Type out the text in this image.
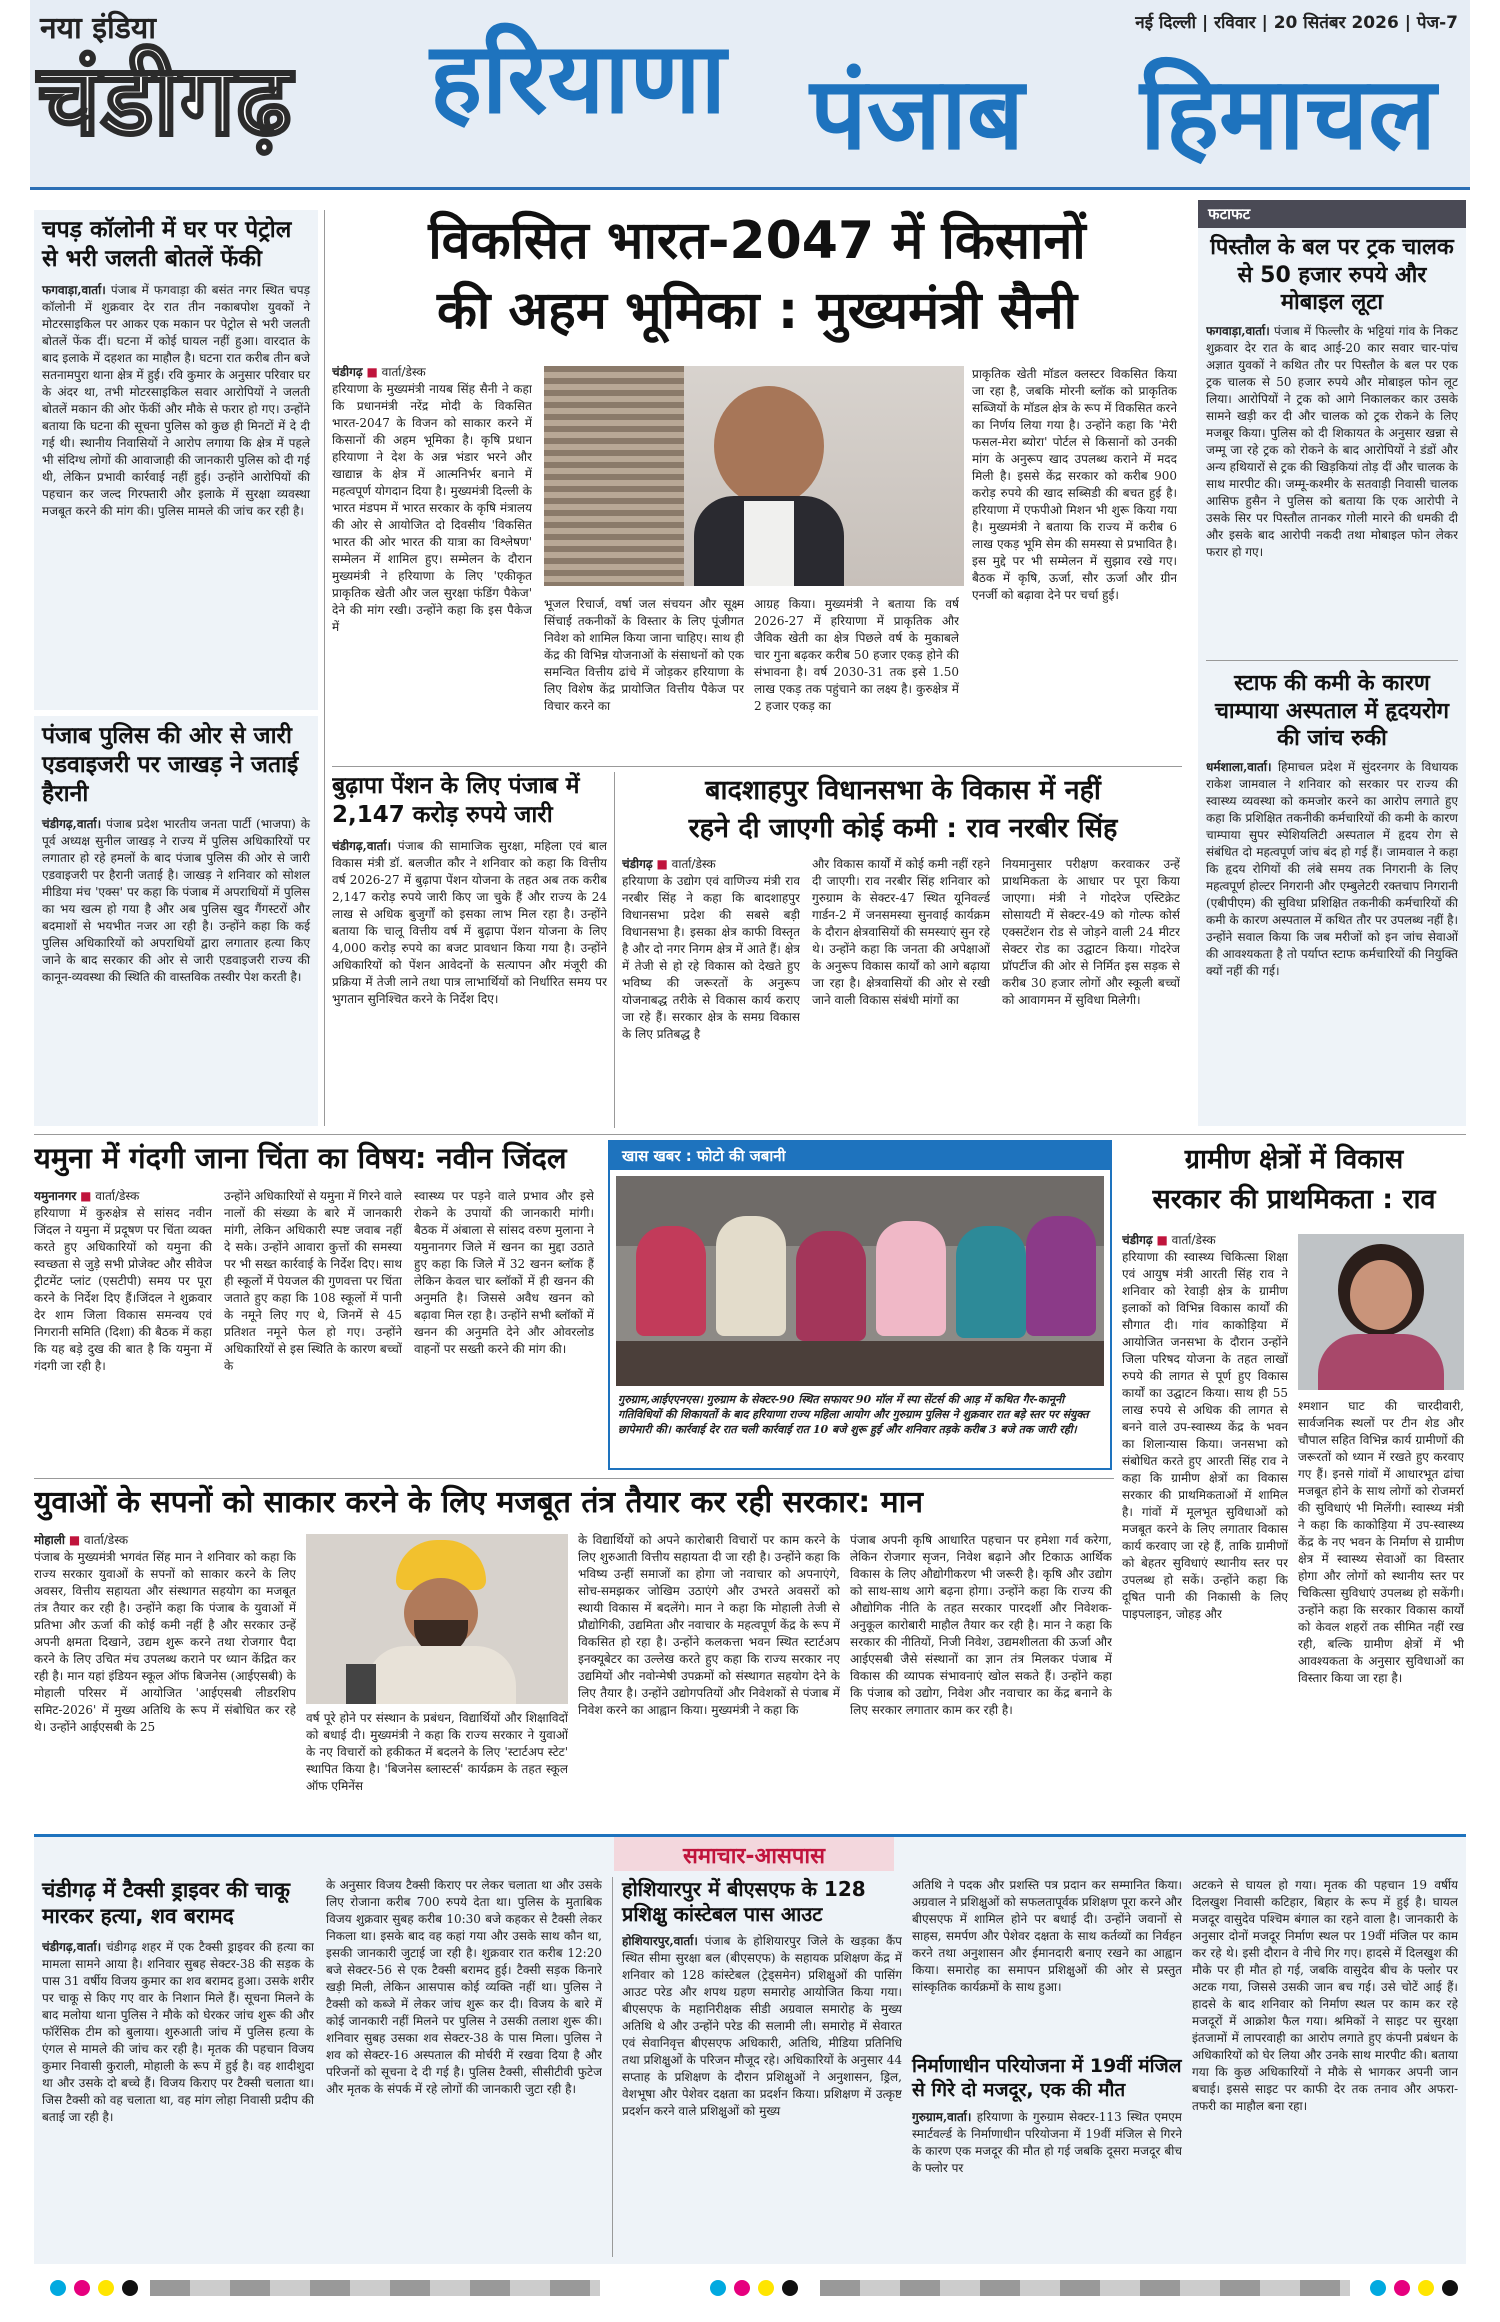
नया इंडिया	नई दिल्ली | रविवार | 20 सितंबर 2026 | पेज-7
चंडीगढ़ हरियाणा पंजाब हिमाचल
चपड़ कॉलोनी में घर पर पेट्रोल से भरी जलती बोतलें फेंकी
फगवाड़ा,वार्ता। पंजाब में फगवाड़ा की बसंत नगर स्थित चपड़ कॉलोनी में शुक्रवार देर रात तीन नकाबपोश युवकों ने मोटरसाइकिल पर आकर एक मकान पर पेट्रोल से भरी जलती बोतलें फेंक दीं। घटना में कोई घायल नहीं हुआ। वारदात के बाद इलाके में दहशत का माहौल है। घटना रात करीब तीन बजे सतनामपुरा थाना क्षेत्र में हुई। रवि कुमार के अनुसार परिवार घर के अंदर था, तभी मोटरसाइकिल सवार आरोपियों ने जलती बोतलें मकान की ओर फेंकीं और मौके से फरार हो गए। उन्होंने बताया कि घटना की सूचना पुलिस को कुछ ही मिनटों में दे दी गई थी। स्थानीय निवासियों ने आरोप लगाया कि क्षेत्र में पहले भी संदिग्ध लोगों की आवाजाही की जानकारी पुलिस को दी गई थी, लेकिन प्रभावी कार्रवाई नहीं हुई। उन्होंने आरोपियों की पहचान कर जल्द गिरफ्तारी और इलाके में सुरक्षा व्यवस्था मजबूत करने की मांग की। पुलिस मामले की जांच कर रही है।
पंजाब पुलिस की ओर से जारी एडवाइजरी पर जाखड़ ने जताई हैरानी
चंडीगढ़,वार्ता। पंजाब प्रदेश भारतीय जनता पार्टी (भाजपा) के पूर्व अध्यक्ष सुनील जाखड़ ने राज्य में पुलिस अधिकारियों पर लगातार हो रहे हमलों के बाद पंजाब पुलिस की ओर से जारी एडवाइजरी पर हैरानी जताई है। जाखड़ ने शनिवार को सोशल मीडिया मंच 'एक्स' पर कहा कि पंजाब में अपराधियों में पुलिस का भय खत्म हो गया है और अब पुलिस खुद गैंगस्टरों और बदमाशों से भयभीत नजर आ रही है। उन्होंने कहा कि कई पुलिस अधिकारियों को अपराधियों द्वारा लगातार हत्या किए जाने के बाद सरकार की ओर से जारी एडवाइजरी राज्य की कानून-व्यवस्था की स्थिति की वास्तविक तस्वीर पेश करती है।
विकसित भारत-2047 में किसानों
की अहम भूमिका : मुख्यमंत्री सैनी
चंडीगढ़ ■ वार्ता/डेस्क
हरियाणा के मुख्यमंत्री नायब सिंह सैनी ने कहा कि प्रधानमंत्री नरेंद्र मोदी के विकसित भारत-2047 के विजन को साकार करने में किसानों की अहम भूमिका है। कृषि प्रधान हरियाणा ने देश के अन्न भंडार भरने और खाद्यान्न के क्षेत्र में आत्मनिर्भर बनाने में महत्वपूर्ण योगदान दिया है। मुख्यमंत्री दिल्ली के भारत मंडपम में भारत सरकार के कृषि मंत्रालय की ओर से आयोजित दो दिवसीय 'विकसित भारत की ओर भारत की यात्रा का विश्लेषण' सम्मेलन में शामिल हुए। सम्मेलन के दौरान मुख्यमंत्री ने हरियाणा के लिए 'एकीकृत प्राकृतिक खेती और जल सुरक्षा फंडिंग पैकेज' देने की मांग रखी। उन्होंने कहा कि इस पैकेज में
भूजल रिचार्ज, वर्षा जल संचयन और सूक्ष्म सिंचाई तकनीकों के विस्तार के लिए पूंजीगत निवेश को शामिल किया जाना चाहिए। साथ ही केंद्र की विभिन्न योजनाओं के संसाधनों को एक समन्वित वित्तीय ढांचे में जोड़कर हरियाणा के लिए विशेष केंद्र प्रायोजित वित्तीय पैकेज पर विचार करने का
आग्रह किया। मुख्यमंत्री ने बताया कि वर्ष 2026-27 में हरियाणा में प्राकृतिक और जैविक खेती का क्षेत्र पिछले वर्ष के मुकाबले चार गुना बढ़कर करीब 50 हजार एकड़ होने की संभावना है। वर्ष 2030-31 तक इसे 1.50 लाख एकड़ तक पहुंचाने का लक्ष्य है। कुरुक्षेत्र में 2 हजार एकड़ का
प्राकृतिक खेती मॉडल क्लस्टर विकसित किया जा रहा है, जबकि मोरनी ब्लॉक को प्राकृतिक सब्जियों के मॉडल क्षेत्र के रूप में विकसित करने का निर्णय लिया गया है। उन्होंने कहा कि 'मेरी फसल-मेरा ब्योरा' पोर्टल से किसानों को उनकी मांग के अनुरूप खाद उपलब्ध कराने में मदद मिली है। इससे केंद्र सरकार को करीब 900 करोड़ रुपये की खाद सब्सिडी की बचत हुई है। हरियाणा में एफपीओ मिशन भी शुरू किया गया है। मुख्यमंत्री ने बताया कि राज्य में करीब 6 लाख एकड़ भूमि सेम की समस्या से प्रभावित है। इस मुद्दे पर भी सम्मेलन में सुझाव रखे गए। बैठक में कृषि, ऊर्जा, सौर ऊर्जा और ग्रीन एनर्जी को बढ़ावा देने पर चर्चा हुई।
फटाफट
पिस्तौल के बल पर ट्रक चालक से 50 हजार रुपये और मोबाइल लूटा
फगवाड़ा,वार्ता। पंजाब में फिल्लौर के भट्टियां गांव के निकट शुक्रवार देर रात के बाद आई-20 कार सवार चार-पांच अज्ञात युवकों ने कथित तौर पर पिस्तौल के बल पर एक ट्रक चालक से 50 हजार रुपये और मोबाइल फोन लूट लिया। आरोपियों ने ट्रक को आगे निकालकर कार उसके सामने खड़ी कर दी और चालक को ट्रक रोकने के लिए मजबूर किया। पुलिस को दी शिकायत के अनुसार खन्ना से जम्मू जा रहे ट्रक को रोकने के बाद आरोपियों ने डंडों और अन्य हथियारों से ट्रक की खिड़कियां तोड़ दीं और चालक के साथ मारपीट की। जम्मू-कश्मीर के सतवाड़ी निवासी चालक आसिफ हुसैन ने पुलिस को बताया कि एक आरोपी ने उसके सिर पर पिस्तौल तानकर गोली मारने की धमकी दी और इसके बाद आरोपी नकदी तथा मोबाइल फोन लेकर फरार हो गए।
स्टाफ की कमी के कारण चाम्पाया अस्पताल में हृदयरोग की जांच रुकी
धर्मशाला,वार्ता। हिमाचल प्रदेश में सुंदरनगर के विधायक राकेश जामवाल ने शनिवार को सरकार पर राज्य की स्वास्थ्य व्यवस्था को कमजोर करने का आरोप लगाते हुए कहा कि प्रशिक्षित तकनीकी कर्मचारियों की कमी के कारण चाम्पाया सुपर स्पेशियलिटी अस्पताल में हृदय रोग से संबंधित दो महत्वपूर्ण जांच बंद हो गई हैं। जामवाल ने कहा कि हृदय रोगियों की लंबे समय तक निगरानी के लिए महत्वपूर्ण होल्टर निगरानी और एम्बुलेटरी रक्तचाप निगरानी (एबीपीएम) की सुविधा प्रशिक्षित तकनीकी कर्मचारियों की कमी के कारण अस्पताल में कथित तौर पर उपलब्ध नहीं है। उन्होंने सवाल किया कि जब मरीजों को इन जांच सेवाओं की आवश्यकता है तो पर्याप्त स्टाफ कर्मचारियों की नियुक्ति क्यों नहीं की गई।
बुढ़ापा पेंशन के लिए पंजाब में 2,147 करोड़ रुपये जारी
चंडीगढ़,वार्ता। पंजाब की सामाजिक सुरक्षा, महिला एवं बाल विकास मंत्री डॉ. बलजीत कौर ने शनिवार को कहा कि वित्तीय वर्ष 2026-27 में बुढ़ापा पेंशन योजना के तहत अब तक करीब 2,147 करोड़ रुपये जारी किए जा चुके हैं और राज्य के 24 लाख से अधिक बुजुर्गों को इसका लाभ मिल रहा है। उन्होंने बताया कि चालू वित्तीय वर्ष में बुढ़ापा पेंशन योजना के लिए 4,000 करोड़ रुपये का बजट प्रावधान किया गया है। उन्होंने अधिकारियों को पेंशन आवेदनों के सत्यापन और मंजूरी की प्रक्रिया में तेजी लाने तथा पात्र लाभार्थियों को निर्धारित समय पर भुगतान सुनिश्चित करने के निर्देश दिए।
बादशाहपुर विधानसभा के विकास में नहीं
रहने दी जाएगी कोई कमी : राव नरबीर सिंह
चंडीगढ़ ■ वार्ता/डेस्क
हरियाणा के उद्योग एवं वाणिज्य मंत्री राव नरबीर सिंह ने कहा कि बादशाहपुर विधानसभा प्रदेश की सबसे बड़ी विधानसभा है। इसका क्षेत्र काफी विस्तृत है और दो नगर निगम क्षेत्र में आते हैं। क्षेत्र में तेजी से हो रहे विकास को देखते हुए भविष्य की जरूरतों के अनुरूप योजनाबद्ध तरीके से विकास कार्य कराए जा रहे हैं। सरकार क्षेत्र के समग्र विकास के लिए प्रतिबद्ध है
और विकास कार्यों में कोई कमी नहीं रहने दी जाएगी। राव नरबीर सिंह शनिवार को गुरुग्राम के सेक्टर-47 स्थित यूनिवर्ल्ड गार्डन-2 में जनसमस्या सुनवाई कार्यक्रम के दौरान क्षेत्रवासियों की समस्याएं सुन रहे थे। उन्होंने कहा कि जनता की अपेक्षाओं के अनुरूप विकास कार्यों को आगे बढ़ाया जा रहा है। क्षेत्रवासियों की ओर से रखी जाने वाली विकास संबंधी मांगों का
नियमानुसार परीक्षण करवाकर उन्हें प्राथमिकता के आधार पर पूरा किया जाएगा। मंत्री ने गोदरेज एस्टिक्रेट सोसायटी में सेक्टर-49 को गोल्फ कोर्स एक्सटेंशन रोड से जोड़ने वाली 24 मीटर सेक्टर रोड का उद्घाटन किया। गोदरेज प्रॉपर्टीज की ओर से निर्मित इस सड़क से करीब 30 हजार लोगों और स्कूली बच्चों को आवागमन में सुविधा मिलेगी।
यमुना में गंदगी जाना चिंता का विषय: नवीन जिंदल
यमुनानगर ■ वार्ता/डेस्क
हरियाणा में कुरुक्षेत्र से सांसद नवीन जिंदल ने यमुना में प्रदूषण पर चिंता व्यक्त करते हुए अधिकारियों को यमुना की स्वच्छता से जुड़े सभी प्रोजेक्ट और सीवेज ट्रीटमेंट प्लांट (एसटीपी) समय पर पूरा करने के निर्देश दिए हैं।जिंदल ने शुक्रवार देर शाम जिला विकास समन्वय एवं निगरानी समिति (दिशा) की बैठक में कहा कि यह बड़े दुख की बात है कि यमुना में गंदगी जा रही है।
उन्होंने अधिकारियों से यमुना में गिरने वाले नालों की संख्या के बारे में जानकारी मांगी, लेकिन अधिकारी स्पष्ट जवाब नहीं दे सके। उन्होंने आवारा कुत्तों की समस्या पर भी सख्त कार्रवाई के निर्देश दिए। साथ ही स्कूलों में पेयजल की गुणवत्ता पर चिंता जताते हुए कहा कि 108 स्कूलों में पानी के नमूने लिए गए थे, जिनमें से 45 प्रतिशत नमूने फेल हो गए। उन्होंने अधिकारियों से इस स्थिति के कारण बच्चों के
स्वास्थ्य पर पड़ने वाले प्रभाव और इसे रोकने के उपायों की जानकारी मांगी। बैठक में अंबाला से सांसद वरुण मुलाना ने यमुनानगर जिले में खनन का मुद्दा उठाते हुए कहा कि जिले में 32 खनन ब्लॉक हैं लेकिन केवल चार ब्लॉकों में ही खनन की अनुमति है। जिससे अवैध खनन को बढ़ावा मिल रहा है। उन्होंने सभी ब्लॉकों में खनन की अनुमति देने और ओवरलोड वाहनों पर सख्ती करने की मांग की।
खास खबर : फोटो की जबानी
गुरुग्राम,आईएएनएस। गुरुग्राम के सेक्टर-90 स्थित सफायर 90 मॉल में स्पा सेंटर्स की आड़ में कथित गैर-कानूनी गतिविधियों की शिकायतों के बाद हरियाणा राज्य महिला आयोग और गुरुग्राम पुलिस ने शुक्रवार रात बड़े स्तर पर संयुक्त छापेमारी की। कार्रवाई देर रात चली कार्रवाई रात 10 बजे शुरू हुई और शनिवार तड़के करीब 3 बजे तक जारी रही।
ग्रामीण क्षेत्रों में विकास
सरकार की प्राथमिकता : राव
चंडीगढ़ ■ वार्ता/डेस्क
हरियाणा की स्वास्थ्य चिकित्सा शिक्षा एवं आयुष मंत्री आरती सिंह राव ने शनिवार को रेवाड़ी क्षेत्र के ग्रामीण इलाकों को विभिन्न विकास कार्यों की सौगात दी। गांव काकोड़िया में आयोजित जनसभा के दौरान उन्होंने जिला परिषद योजना के तहत लाखों रुपये की लागत से पूर्ण हुए विकास कार्यों का उद्घाटन किया। साथ ही 55 लाख रुपये से अधिक की लागत से बनने वाले उप-स्वास्थ्य केंद्र के भवन का शिलान्यास किया। जनसभा को संबोधित करते हुए आरती सिंह राव ने कहा कि ग्रामीण क्षेत्रों का विकास सरकार की प्राथमिकताओं में शामिल है। गांवों में मूलभूत सुविधाओं को मजबूत करने के लिए लगातार विकास कार्य करवाए जा रहे हैं, ताकि ग्रामीणों को बेहतर सुविधाएं स्थानीय स्तर पर उपलब्ध हो सकें। उन्होंने कहा कि दूषित पानी की निकासी के लिए पाइपलाइन, जोहड़ और
श्मशान घाट की चारदीवारी, सार्वजनिक स्थलों पर टीन शेड और चौपाल सहित विभिन्न कार्य ग्रामीणों की जरूरतों को ध्यान में रखते हुए करवाए गए हैं। इनसे गांवों में आधारभूत ढांचा मजबूत होने के साथ लोगों को रोजमर्रा की सुविधाएं भी मिलेंगी। स्वास्थ्य मंत्री ने कहा कि काकोड़िया में उप-स्वास्थ्य केंद्र के नए भवन के निर्माण से ग्रामीण क्षेत्र में स्वास्थ्य सेवाओं का विस्तार होगा और लोगों को स्थानीय स्तर पर चिकित्सा सुविधाएं उपलब्ध हो सकेंगी। उन्होंने कहा कि सरकार विकास कार्यों को केवल शहरों तक सीमित नहीं रख रही, बल्कि ग्रामीण क्षेत्रों में भी आवश्यकता के अनुसार सुविधाओं का विस्तार किया जा रहा है।
युवाओं के सपनों को साकार करने के लिए मजबूत तंत्र तैयार कर रही सरकार: मान
मोहाली ■ वार्ता/डेस्क
पंजाब के मुख्यमंत्री भगवंत सिंह मान ने शनिवार को कहा कि राज्य सरकार युवाओं के सपनों को साकार करने के लिए अवसर, वित्तीय सहायता और संस्थागत सहयोग का मजबूत तंत्र तैयार कर रही है। उन्होंने कहा कि पंजाब के युवाओं में प्रतिभा और ऊर्जा की कोई कमी नहीं है और सरकार उन्हें अपनी क्षमता दिखाने, उद्यम शुरू करने तथा रोजगार पैदा करने के लिए उचित मंच उपलब्ध कराने पर ध्यान केंद्रित कर रही है। मान यहां इंडियन स्कूल ऑफ बिजनेस (आईएसबी) के मोहाली परिसर में आयोजित 'आईएसबी लीडरशिप समिट-2026' में मुख्य अतिथि के रूप में संबोधित कर रहे थे। उन्होंने आईएसबी के 25
वर्ष पूरे होने पर संस्थान के प्रबंधन, विद्यार्थियों और शिक्षाविदों को बधाई दी। मुख्यमंत्री ने कहा कि राज्य सरकार ने युवाओं के नए विचारों को हकीकत में बदलने के लिए 'स्टार्टअप स्टेट' स्थापित किया है। 'बिजनेस ब्लास्टर्स' कार्यक्रम के तहत स्कूल ऑफ एमिनेंस
के विद्यार्थियों को अपने कारोबारी विचारों पर काम करने के लिए शुरुआती वित्तीय सहायता दी जा रही है। उन्होंने कहा कि भविष्य उन्हीं समाजों का होगा जो नवाचार को अपनाएंगे, सोच-समझकर जोखिम उठाएंगे और उभरते अवसरों को स्थायी विकास में बदलेंगे। मान ने कहा कि मोहाली तेजी से प्रौद्योगिकी, उद्यमिता और नवाचार के महत्वपूर्ण केंद्र के रूप में विकसित हो रहा है। उन्होंने कलकत्ता भवन स्थित स्टार्टअप इनक्यूबेटर का उल्लेख करते हुए कहा कि राज्य सरकार नए उद्यमियों और नवोन्मेषी उपक्रमों को संस्थागत सहयोग देने के लिए तैयार है। उन्होंने उद्योगपतियों और निवेशकों से पंजाब में निवेश करने का आह्वान किया। मुख्यमंत्री ने कहा कि
पंजाब अपनी कृषि आधारित पहचान पर हमेशा गर्व करेगा, लेकिन रोजगार सृजन, निवेश बढ़ाने और टिकाऊ आर्थिक विकास के लिए औद्योगीकरण भी जरूरी है। कृषि और उद्योग को साथ-साथ आगे बढ़ना होगा। उन्होंने कहा कि राज्य की औद्योगिक नीति के तहत सरकार पारदर्शी और निवेशक-अनुकूल कारोबारी माहौल तैयार कर रही है। मान ने कहा कि सरकार की नीतियों, निजी निवेश, उद्यमशीलता की ऊर्जा और आईएसबी जैसे संस्थानों का ज्ञान तंत्र मिलकर पंजाब में विकास की व्यापक संभावनाएं खोल सकते हैं। उन्होंने कहा कि पंजाब को उद्योग, निवेश और नवाचार का केंद्र बनाने के लिए सरकार लगातार काम कर रही है।
समाचार-आसपास
चंडीगढ़ में टैक्सी ड्राइवर की चाकू मारकर हत्या, शव बरामद
चंडीगढ़,वार्ता। चंडीगढ़ शहर में एक टैक्सी ड्राइवर की हत्या का मामला सामने आया है। शनिवार सुबह सेक्टर-38 की सड़क के पास 31 वर्षीय विजय कुमार का शव बरामद हुआ। उसके शरीर पर चाकू से किए गए वार के निशान मिले हैं। सूचना मिलने के बाद मलोया थाना पुलिस ने मौके को घेरकर जांच शुरू की और फॉरेंसिक टीम को बुलाया। शुरुआती जांच में पुलिस हत्या के एंगल से मामले की जांच कर रही है। मृतक की पहचान विजय कुमार निवासी कुराली, मोहाली के रूप में हुई है। वह शादीशुदा था और उसके दो बच्चे हैं। विजय किराए पर टैक्सी चलाता था। जिस टैक्सी को वह चलाता था, वह मांग लोहा निवासी प्रदीप की बताई जा रही है।
के अनुसार विजय टैक्सी किराए पर लेकर चलाता था और उसके लिए रोजाना करीब 700 रुपये देता था। पुलिस के मुताबिक विजय शुक्रवार सुबह करीब 10:30 बजे कहकर से टैक्सी लेकर निकला था। इसके बाद वह कहां गया और उसके साथ कौन था, इसकी जानकारी जुटाई जा रही है। शुक्रवार रात करीब 12:20 बजे सेक्टर-56 से एक टैक्सी बरामद हुई। टैक्सी सड़क किनारे खड़ी मिली, लेकिन आसपास कोई व्यक्ति नहीं था। पुलिस ने टैक्सी को कब्जे में लेकर जांच शुरू कर दी। विजय के बारे में कोई जानकारी नहीं मिलने पर पुलिस ने उसकी तलाश शुरू की। शनिवार सुबह उसका शव सेक्टर-38 के पास मिला। पुलिस ने शव को सेक्टर-16 अस्पताल की मोर्चरी में रखवा दिया है और परिजनों को सूचना दे दी गई है। पुलिस टैक्सी, सीसीटीवी फुटेज और मृतक के संपर्क में रहे लोगों की जानकारी जुटा रही है।
होशियारपुर में बीएसएफ के 128 प्रशिक्षु कांस्टेबल पास आउट
होशियारपुर,वार्ता। पंजाब के होशियारपुर जिले के खड़का कैंप स्थित सीमा सुरक्षा बल (बीएसएफ) के सहायक प्रशिक्षण केंद्र में शनिवार को 128 कांस्टेबल (ट्रेड्समेन) प्रशिक्षुओं की पासिंग आउट परेड और शपथ ग्रहण समारोह आयोजित किया गया। बीएसएफ के महानिरीक्षक सीडी अग्रवाल समारोह के मुख्य अतिथि थे और उन्होंने परेड की सलामी ली। समारोह में सेवारत एवं सेवानिवृत्त बीएसएफ अधिकारी, अतिथि, मीडिया प्रतिनिधि तथा प्रशिक्षुओं के परिजन मौजूद रहे। अधिकारियों के अनुसार 44 सप्ताह के प्रशिक्षण के दौरान प्रशिक्षुओं ने अनुशासन, ड्रिल, वेशभूषा और पेशेवर दक्षता का प्रदर्शन किया। प्रशिक्षण में उत्कृष्ट प्रदर्शन करने वाले प्रशिक्षुओं को मुख्य
अतिथि ने पदक और प्रशस्ति पत्र प्रदान कर सम्मानित किया। अग्रवाल ने प्रशिक्षुओं को सफलतापूर्वक प्रशिक्षण पूरा करने और बीएसएफ में शामिल होने पर बधाई दी। उन्होंने जवानों से साहस, समर्पण और पेशेवर दक्षता के साथ कर्तव्यों का निर्वहन करने तथा अनुशासन और ईमानदारी बनाए रखने का आह्वान किया। समारोह का समापन प्रशिक्षुओं की ओर से प्रस्तुत सांस्कृतिक कार्यक्रमों के साथ हुआ।
निर्माणाधीन परियोजना में 19वीं मंजिल से गिरे दो मजदूर, एक की मौत
गुरुग्राम,वार्ता। हरियाणा के गुरुग्राम सेक्टर-113 स्थित एमएम स्मार्टवर्ल्ड के निर्माणाधीन परियोजना में 19वीं मंजिल से गिरने के कारण एक मजदूर की मौत हो गई जबकि दूसरा मजदूर बीच के फ्लोर पर
अटकने से घायल हो गया। मृतक की पहचान 19 वर्षीय दिलखुश निवासी कटिहार, बिहार के रूप में हुई है। घायल मजदूर वासुदेव पश्चिम बंगाल का रहने वाला है। जानकारी के अनुसार दोनों मजदूर निर्माण स्थल पर 19वीं मंजिल पर काम कर रहे थे। इसी दौरान वे नीचे गिर गए। हादसे में दिलखुश की मौके पर ही मौत हो गई, जबकि वासुदेव बीच के फ्लोर पर अटक गया, जिससे उसकी जान बच गई। उसे चोटें आई हैं। हादसे के बाद शनिवार को निर्माण स्थल पर काम कर रहे मजदूरों में आक्रोश फैल गया। श्रमिकों ने साइट पर सुरक्षा इंतजामों में लापरवाही का आरोप लगाते हुए कंपनी प्रबंधन के अधिकारियों को घेर लिया और उनके साथ मारपीट की। बताया गया कि कुछ अधिकारियों ने मौके से भागकर अपनी जान बचाई। इससे साइट पर काफी देर तक तनाव और अफरा-तफरी का माहौल बना रहा।
